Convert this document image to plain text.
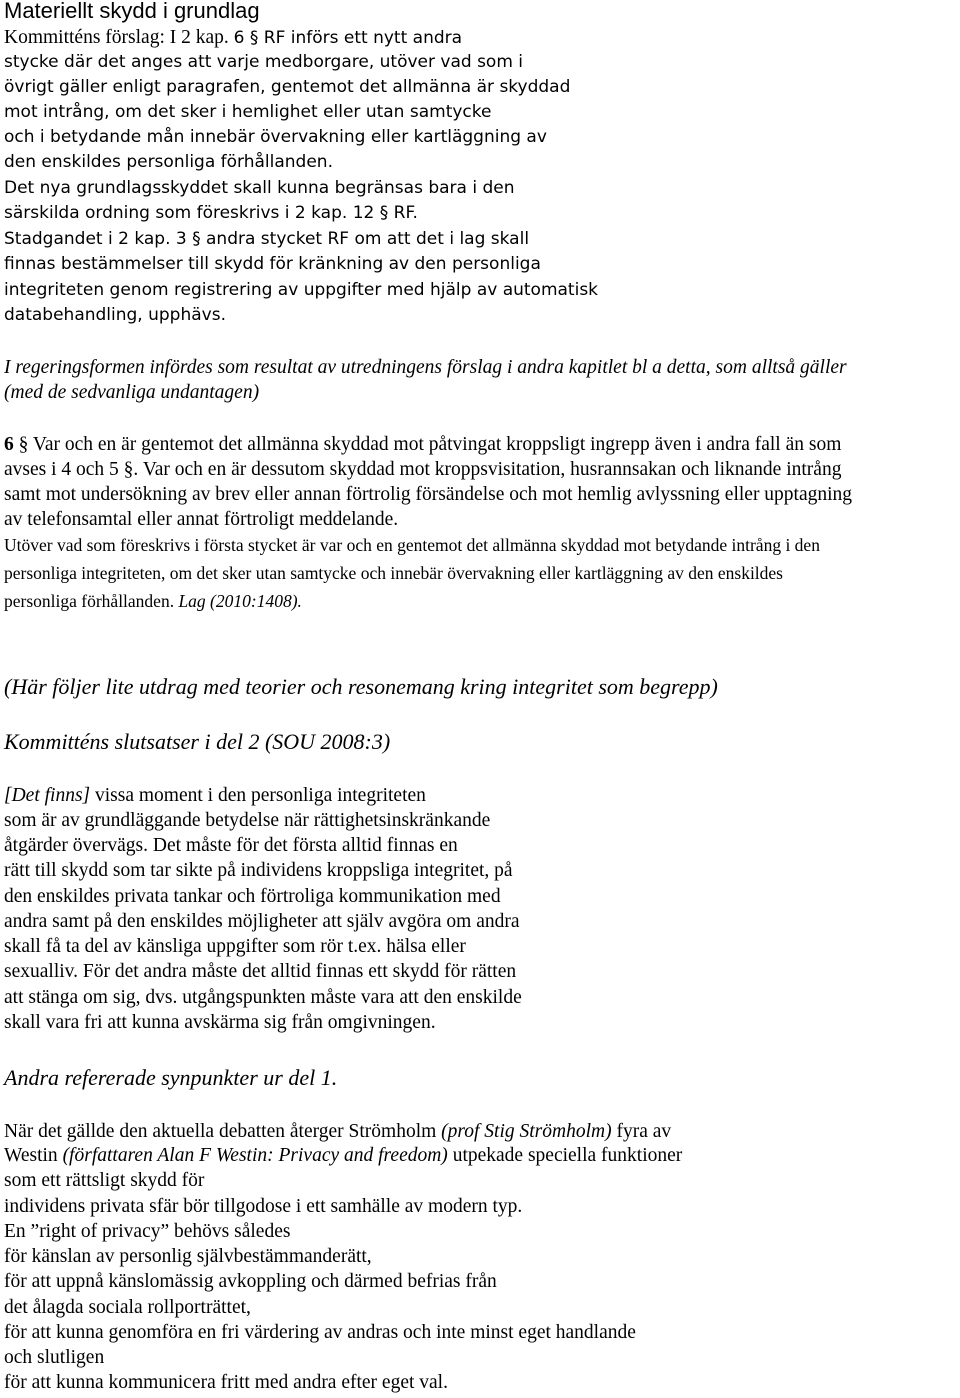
Materiellt skydd i grundlag
Kommitténs förslag: I 2 kap. 6 § RF införs ett nytt andra
stycke där det anges att varje medborgare, utöver vad som i
övrigt gäller enligt paragrafen, gentemot det allmänna är skyddad
mot intrång, om det sker i hemlighet eller utan samtycke
och i betydande mån innebär övervakning eller kartläggning av
den enskildes personliga förhållanden.
Det nya grundlagsskyddet skall kunna begränsas bara i den
särskilda ordning som föreskrivs i 2 kap. 12 § RF.
Stadgandet i 2 kap. 3 § andra stycket RF om att det i lag skall
finnas bestämmelser till skydd för kränkning av den personliga
integriteten genom registrering av uppgifter med hjälp av automatisk
databehandling, upphävs.
I regeringsformen infördes som resultat av utredningens förslag i andra kapitlet bl a detta, som alltså gäller
(med de sedvanliga undantagen)
6 § Var och en är gentemot det allmänna skyddad mot påtvingat kroppsligt ingrepp även i andra fall än som
avses i 4 och 5 §. Var och en är dessutom skyddad mot kroppsvisitation, husrannsakan och liknande intrång
samt mot undersökning av brev eller annan förtrolig försändelse och mot hemlig avlyssning eller upptagning
av telefonsamtal eller annat förtroligt meddelande.
Utöver vad som föreskrivs i första stycket är var och en gentemot det allmänna skyddad mot betydande intrång i den
personliga integriteten, om det sker utan samtycke och innebär övervakning eller kartläggning av den enskildes
personliga förhållanden. Lag (2010:1408).
(Här följer lite utdrag med teorier och resonemang kring integritet som begrepp)
Kommitténs slutsatser i del 2 (SOU 2008:3)
[Det finns] vissa moment i den personliga integriteten
som är av grundläggande betydelse när rättighetsinskränkande
åtgärder övervägs. Det måste för det första alltid finnas en
rätt till skydd som tar sikte på individens kroppsliga integritet, på
den enskildes privata tankar och förtroliga kommunikation med
andra samt på den enskildes möjligheter att själv avgöra om andra
skall få ta del av känsliga uppgifter som rör t.ex. hälsa eller
sexualliv. För det andra måste det alltid finnas ett skydd för rätten
att stänga om sig, dvs. utgångspunkten måste vara att den enskilde
skall vara fri att kunna avskärma sig från omgivningen.
Andra refererade synpunkter ur del 1.
När det gällde den aktuella debatten återger Strömholm (prof Stig Strömholm) fyra av
Westin (författaren Alan F Westin: Privacy and freedom) utpekade speciella funktioner
som ett rättsligt skydd för
individens privata sfär bör tillgodose i ett samhälle av modern typ.
En ”right of privacy” behövs således
för känslan av personlig självbestämmanderätt,
för att uppnå känslomässig avkoppling och därmed befrias från
det ålagda sociala rollporträttet,
för att kunna genomföra en fri värdering av andras och inte minst eget handlande
och slutligen
för att kunna kommunicera fritt med andra efter eget val.
